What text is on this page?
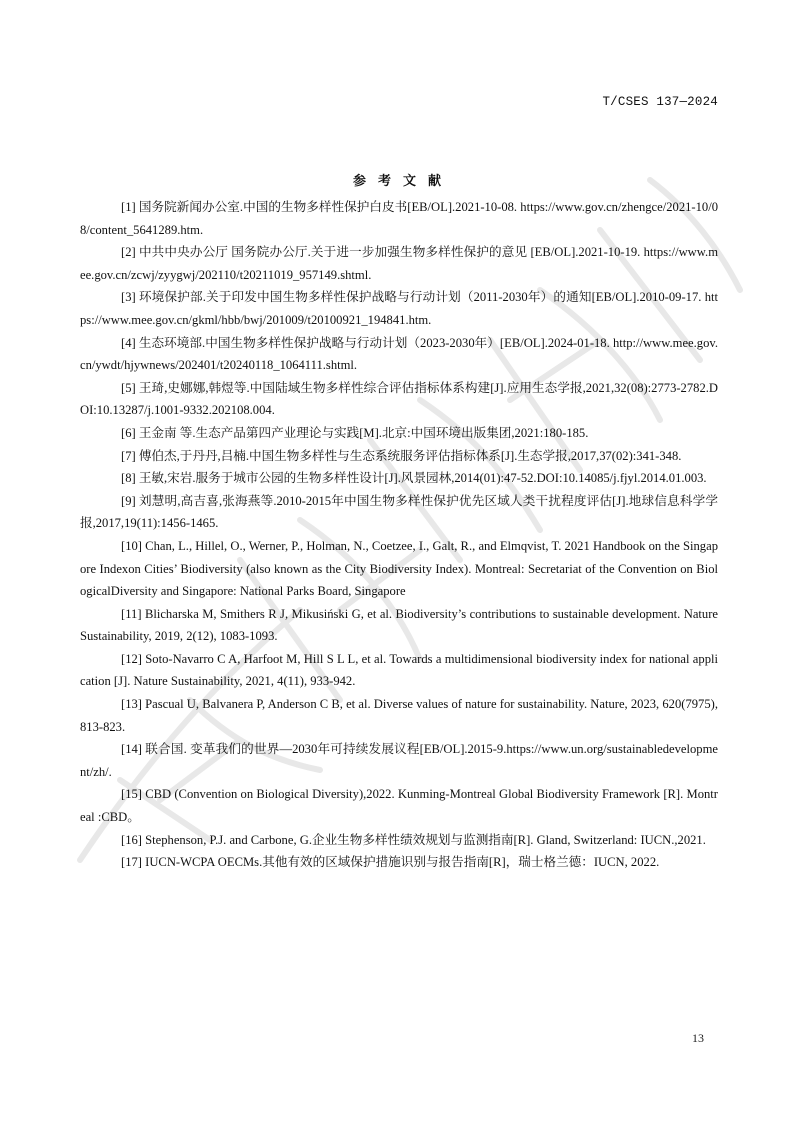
T/CSES 137—2024
参考文献

[1] 国务院新闻办公室.中国的生物多样性保护白皮书[EB/OL].2021-10-08. https://www.gov.cn/zhengce/2021-10/08/content_5641289.htm.

[2] 中共中央办公厅 国务院办公厅.关于进一步加强生物多样性保护的意见 [EB/OL].2021-10-19. https://www.mee.gov.cn/zcwj/zyygwj/202110/t20211019_957149.shtml.

[3] 环境保护部.关于印发中国生物多样性保护战略与行动计划（2011-2030年）的通知[EB/OL].2010-09-17. https://www.mee.gov.cn/gkml/hbb/bwj/201009/t20100921_194841.htm.

[4] 生态环境部.中国生物多样性保护战略与行动计划（2023-2030年）[EB/OL].2024-01-18. http://www.mee.gov.cn/ywdt/hjywnews/202401/t20240118_1064111.shtml.

[5] 王琦,史娜娜,韩煜等.中国陆域生物多样性综合评估指标体系构建[J].应用生态学报,2021,32(08):2773-2782.DOI:10.13287/j.1001-9332.202108.004.

[6] 王金南 等.生态产品第四产业理论与实践[M].北京:中国环境出版集团,2021:180-185.

[7] 傅伯杰,于丹丹,吕楠.中国生物多样性与生态系统服务评估指标体系[J].生态学报,2017,37(02):341-348.

[8] 王敏,宋岩.服务于城市公园的生物多样性设计[J].风景园林,2014(01):47-52.DOI:10.14085/j.fjyl.2014.01.003.

[9] 刘慧明,高吉喜,张海燕等.2010-2015年中国生物多样性保护优先区域人类干扰程度评估[J].地球信息科学学报,2017,19(11):1456-1465.

[10] Chan, L., Hillel, O., Werner, P., Holman, N., Coetzee, I., Galt, R., and Elmqvist, T. 2021 Handbook on the Singapore Indexon Cities’ Biodiversity (also known as the City Biodiversity Index). Montreal: Secretariat of the Convention on BiologicalDiversity and Singapore: National Parks Board, Singapore

[11] Blicharska M, Smithers R J, Mikusiński G, et al. Biodiversity’s contributions to sustainable development. Nature Sustainability, 2019, 2(12), 1083-1093.

[12] Soto-Navarro C A, Harfoot M, Hill S L L, et al. Towards a multidimensional biodiversity index for national application [J]. Nature Sustainability, 2021, 4(11), 933-942.

[13] Pascual U, Balvanera P, Anderson C B, et al. Diverse values of nature for sustainability. Nature, 2023, 620(7975), 813-823.

[14] 联合国. 变革我们的世界—2030年可持续发展议程[EB/OL].2015-9.https://www.un.org/sustainabledevelopment/zh/.

[15] CBD (Convention on Biological Diversity),2022. Kunming-Montreal Global Biodiversity Framework [R]. Montreal :CBD。

[16] Stephenson, P.J. and Carbone, G.企业生物多样性绩效规划与监测指南[R]. Gland, Switzerland: IUCN.,2021.

[17] IUCN-WCPA OECMs.其他有效的区域保护措施识别与报告指南[R]，瑞士格兰德：IUCN, 2022.

13
